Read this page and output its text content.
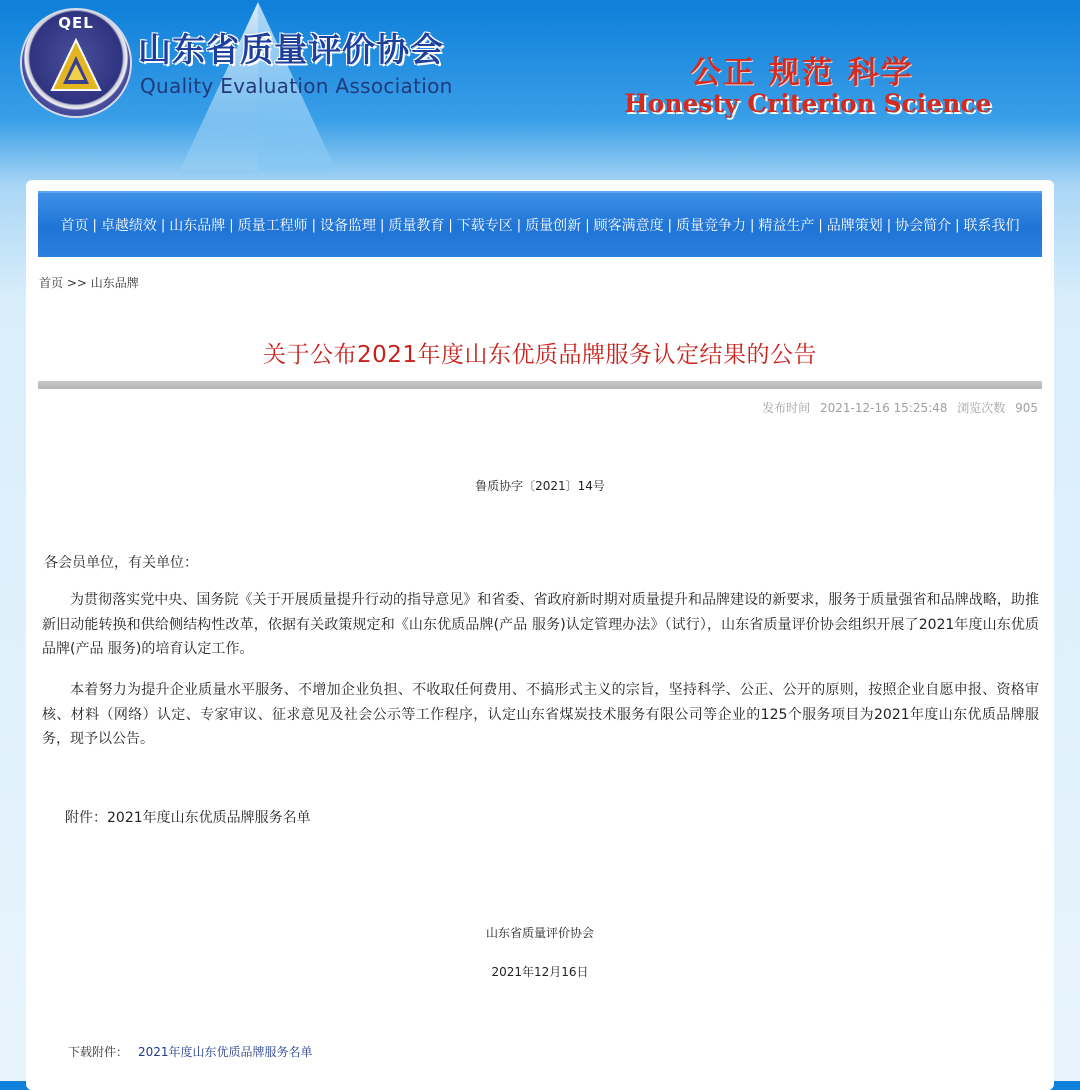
QEL
山东省质量评价协会
Quality Evaluation Association	公正 规范 科学
Honesty Criterion Science
首页 | 卓越绩效 | 山东品牌 | 质量工程师 | 设备监理 | 质量教育 | 下载专区 | 质量创新 | 顾客满意度 | 质量竞争力 | 精益生产 | 品牌策划 | 协会简介 | 联系我们
首页 >> 山东品牌
关于公布2021年度山东优质品牌服务认定结果的公告
发布时间 2021-12-16 15:25:48 浏览次数 905
鲁质协字〔2021〕14号
各会员单位，有关单位：
为贯彻落实党中央、国务院《关于开展质量提升行动的指导意见》和省委、省政府新时期对质量提升和品牌建设的新要求，服务于质量强省和品牌战略，助推新旧动能转换和供给侧结构性改革，依据有关政策规定和《山东优质品牌(产品 服务)认定管理办法》（试行），山东省质量评价协会组织开展了2021年度山东优质品牌(产品 服务)的培育认定工作。
本着努力为提升企业质量水平服务、不增加企业负担、不收取任何费用、不搞形式主义的宗旨，坚持科学、公正、公开的原则，按照企业自愿申报、资格审核、材料（网络）认定、专家审议、征求意见及社会公示等工作程序，认定山东省煤炭技术服务有限公司等企业的125个服务项目为2021年度山东优质品牌服务，现予以公告。
附件：2021年度山东优质品牌服务名单
山东省质量评价协会
2021年12月16日
下载附件： 2021年度山东优质品牌服务名单
